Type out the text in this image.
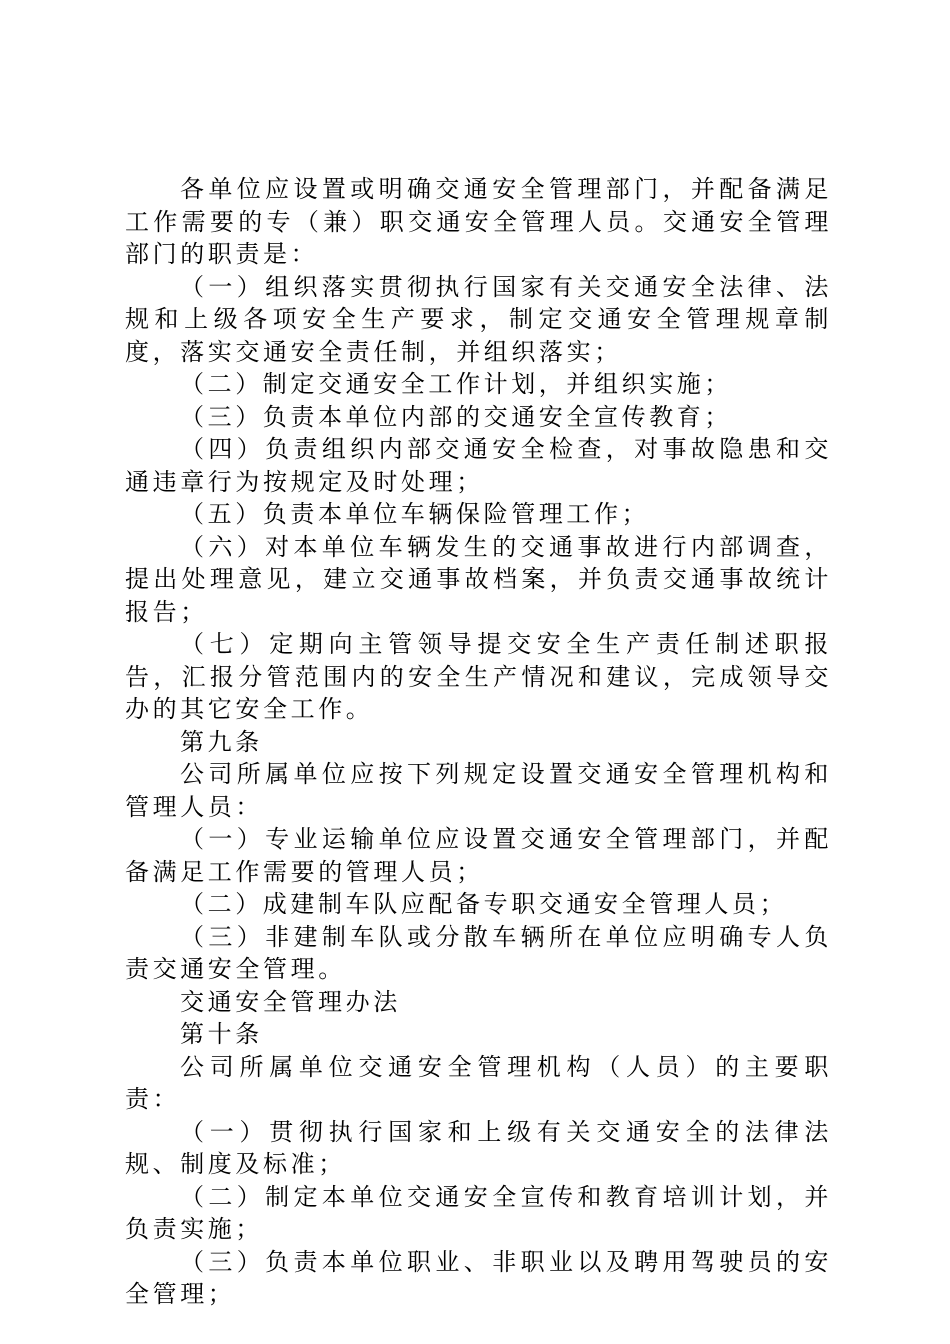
各单位应设置或明确交通安全管理部门，并配备满足工作需要的专（兼）职交通安全管理人员。交通安全管理部门的职责是：

（一）组织落实贯彻执行国家有关交通安全法律、法规和上级各项安全生产要求，制定交通安全管理规章制度，落实交通安全责任制，并组织落实；

（二）制定交通安全工作计划，并组织实施；

（三）负责本单位内部的交通安全宣传教育；

（四）负责组织内部交通安全检查，对事故隐患和交通违章行为按规定及时处理；

（五）负责本单位车辆保险管理工作；

（六）对本单位车辆发生的交通事故进行内部调查，提出处理意见，建立交通事故档案，并负责交通事故统计报告；

（七）定期向主管领导提交安全生产责任制述职报告，汇报分管范围内的安全生产情况和建议，完成领导交办的其它安全工作。

第九条

公司所属单位应按下列规定设置交通安全管理机构和管理人员：

（一）专业运输单位应设置交通安全管理部门，并配备满足工作需要的管理人员；

（二）成建制车队应配备专职交通安全管理人员；

（三）非建制车队或分散车辆所在单位应明确专人负责交通安全管理。

交通安全管理办法

第十条

公司所属单位交通安全管理机构（人员）的主要职责：

（一）贯彻执行国家和上级有关交通安全的法律法规、制度及标准；

（二）制定本单位交通安全宣传和教育培训计划，并负责实施；

（三）负责本单位职业、非职业以及聘用驾驶员的安全管理；
